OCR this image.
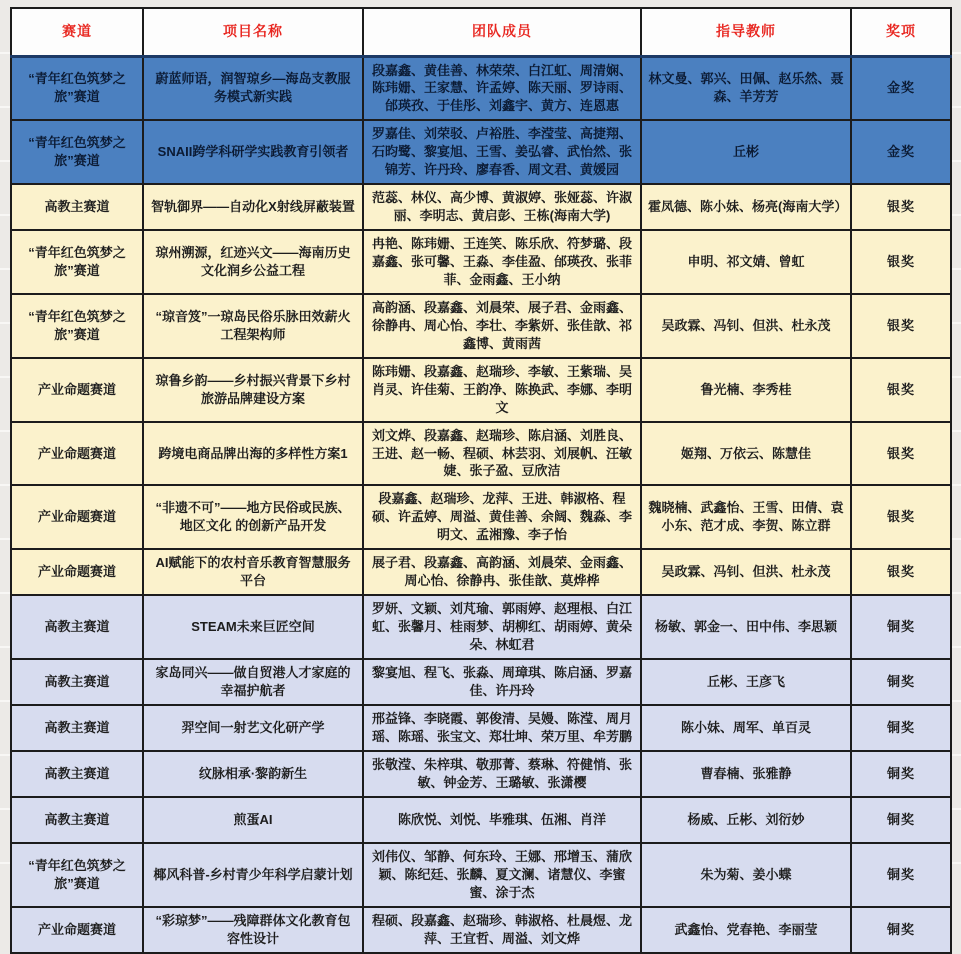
赛道	项目名称	团队成员	指导教师	奖项
“青年红色筑梦之旅”赛道	蔚蓝师语，润智琼乡—海岛支教服务模式新实践	段嘉鑫、黄佳善、林荣荣、白江虹、周清娴、陈玮姗、王家慧、许孟婷、陈天丽、罗诗雨、邰瑛孜、于佳彤、刘鑫宇、黄方、连恩惠	林文曼、郭兴、田佩、赵乐然、聂森、羊芳芳	金奖
“青年红色筑梦之旅”赛道	SNAII跨学科研学实践教育引领者	罗嘉佳、刘荣驳、卢裕胜、李滢莹、高捷翔、石昀鹭、黎宴旭、王雪、姜弘睿、武怡然、张锦芳、许丹玲、廖春香、周文君、黄媛园	丘彬	金奖
高教主赛道	智轨御界——自动化X射线屏蔽装置	范蕊、林仪、高少博、黄淑婷、张娅蕊、许淑丽、李明志、黄启彭、王栋(海南大学)	霍凤德、陈小妹、杨亮(海南大学）	银奖
“青年红色筑梦之旅”赛道	琼州溯源，红迹兴文——海南历史文化润乡公益工程	冉艳、陈玮姗、王连笑、陈乐欣、符梦璐、段嘉鑫、张可馨、王淼、李佳盈、邰瑛孜、张菲菲、金雨鑫、王小纳	申明、祁文婧、曾虹	银奖
“青年红色筑梦之旅”赛道	“琼音笈”一琼岛民俗乐脉田效薪火工程架构师	高韵涵、段嘉鑫、刘晨荣、展子君、金雨鑫、徐静冉、周心怡、李壮、李紫妍、张佳歆、祁鑫博、黄雨茜	吴政霖、冯钊、但洪、杜永茂	银奖
产业命题赛道	琼鲁乡韵——乡村振兴背景下乡村旅游品牌建设方案	陈玮姗、段嘉鑫、赵瑞珍、李敏、王紫瑞、吴肖灵、许佳菊、王韵净、陈换武、李娜、李明文	鲁光楠、李秀桂	银奖
产业命题赛道	跨境电商品牌出海的多样性方案1	刘文烨、段嘉鑫、赵瑞珍、陈启涵、刘胜良、王进、赵一畅、程硕、林芸羽、刘展帆、汪敏婕、张子盈、豆欣洁	姬翔、万依云、陈慧佳	银奖
产业命题赛道	“非遗不可”——地方民俗或民族、地区文化 的创新产品开发	段嘉鑫、赵瑞珍、龙萍、王进、韩淑格、程硕、许孟婷、周溢、黄佳善、余阔、魏淼、李明文、孟湘豫、李子怡	魏晓楠、武鑫怡、王雪、田倩、袁小东、范才成、李贺、陈立群	银奖
产业命题赛道	AI赋能下的农村音乐教育智慧服务平台	展子君、段嘉鑫、高韵涵、刘晨荣、金雨鑫、周心怡、徐静冉、张佳歆、莫烨桦	吴政霖、冯钊、但洪、杜永茂	银奖
高教主赛道	STEAM未来巨匠空间	罗妍、文颖、刘芃瑜、郭雨婷、赵理根、白江虹、张馨月、桂雨梦、胡柳红、胡雨婷、黄朵朵、林虹君	杨敏、郭金一、田中伟、李思颖	铜奖
高教主赛道	家岛同兴——做自贸港人才家庭的幸福护航者	黎宴旭、程飞、张淼、周璋琪、陈启涵、罗嘉佳、许丹玲	丘彬、王彦飞	铜奖
高教主赛道	羿空间一射艺文化研产学	邢益锋、李晓霞、郭俊清、吴嫚、陈滢、周月瑶、陈瑶、张宝文、郑壮坤、荣万里、牟芳鹏	陈小妹、周军、单百灵	铜奖
高教主赛道	纹脉相承·黎韵新生	张敬滢、朱梓琪、敬那菁、蔡琳、符健悄、张敏、钟金芳、王璐敏、张潇樱	曹春楠、张雅静	铜奖
高教主赛道	煎蛋AI	陈欣悦、刘悦、毕雅琪、伍湘、肖洋	杨威、丘彬、刘衍妙	铜奖
“青年红色筑梦之旅”赛道	椰风科普-乡村青少年科学启蒙计划	刘伟仪、邹静、何东玲、王娜、邢增玉、蒲欣颖、陈纪廷、张麟、夏文澜、诸慧仪、李蜜蜜、涂于杰	朱为菊、姜小蝶	铜奖
产业命题赛道	“彩琼梦”——残障群体文化教育包容性设计	程硕、段嘉鑫、赵瑞珍、韩淑格、杜晨煜、龙萍、王宜哲、周溢、刘文烨	武鑫怡、党春艳、李丽莹	铜奖
